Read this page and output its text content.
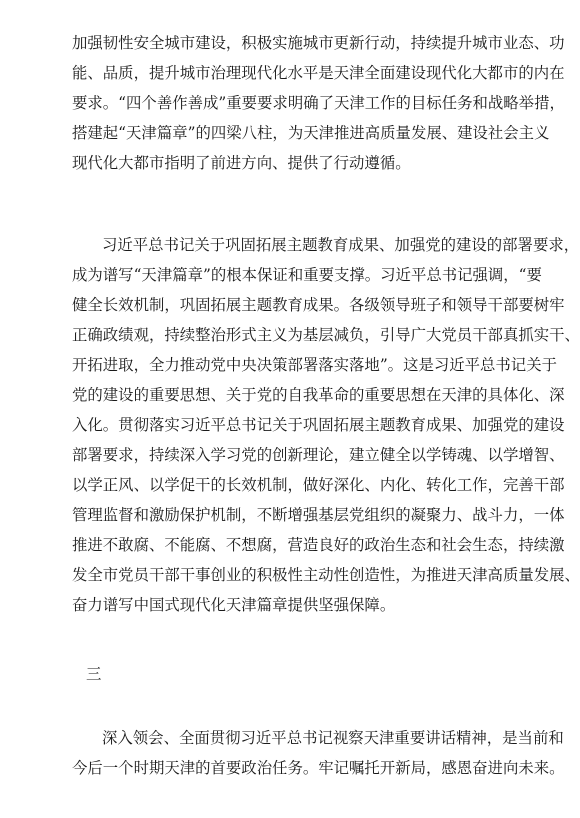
加强韧性安全城市建设，积极实施城市更新行动，持续提升城市业态、功
能、品质，提升城市治理现代化水平是天津全面建设现代化大都市的内在
要求。“四个善作善成”重要要求明确了天津工作的目标任务和战略举措，
搭建起“天津篇章”的四梁八柱，为天津推进高质量发展、建设社会主义
现代化大都市指明了前进方向、提供了行动遵循。
习近平总书记关于巩固拓展主题教育成果、加强党的建设的部署要求，
成为谱写“天津篇章”的根本保证和重要支撑。习近平总书记强调，“要
健全长效机制，巩固拓展主题教育成果。各级领导班子和领导干部要树牢
正确政绩观，持续整治形式主义为基层减负，引导广大党员干部真抓实干、
开拓进取，全力推动党中央决策部署落实落地”。这是习近平总书记关于
党的建设的重要思想、关于党的自我革命的重要思想在天津的具体化、深
入化。贯彻落实习近平总书记关于巩固拓展主题教育成果、加强党的建设
部署要求，持续深入学习党的创新理论，建立健全以学铸魂、以学增智、
以学正风、以学促干的长效机制，做好深化、内化、转化工作，完善干部
管理监督和激励保护机制，不断增强基层党组织的凝聚力、战斗力，一体
推进不敢腐、不能腐、不想腐，营造良好的政治生态和社会生态，持续激
发全市党员干部干事创业的积极性主动性创造性，为推进天津高质量发展、
奋力谱写中国式现代化天津篇章提供坚强保障。
三
深入领会、全面贯彻习近平总书记视察天津重要讲话精神，是当前和
今后一个时期天津的首要政治任务。牢记嘱托开新局，感恩奋进向未来。
